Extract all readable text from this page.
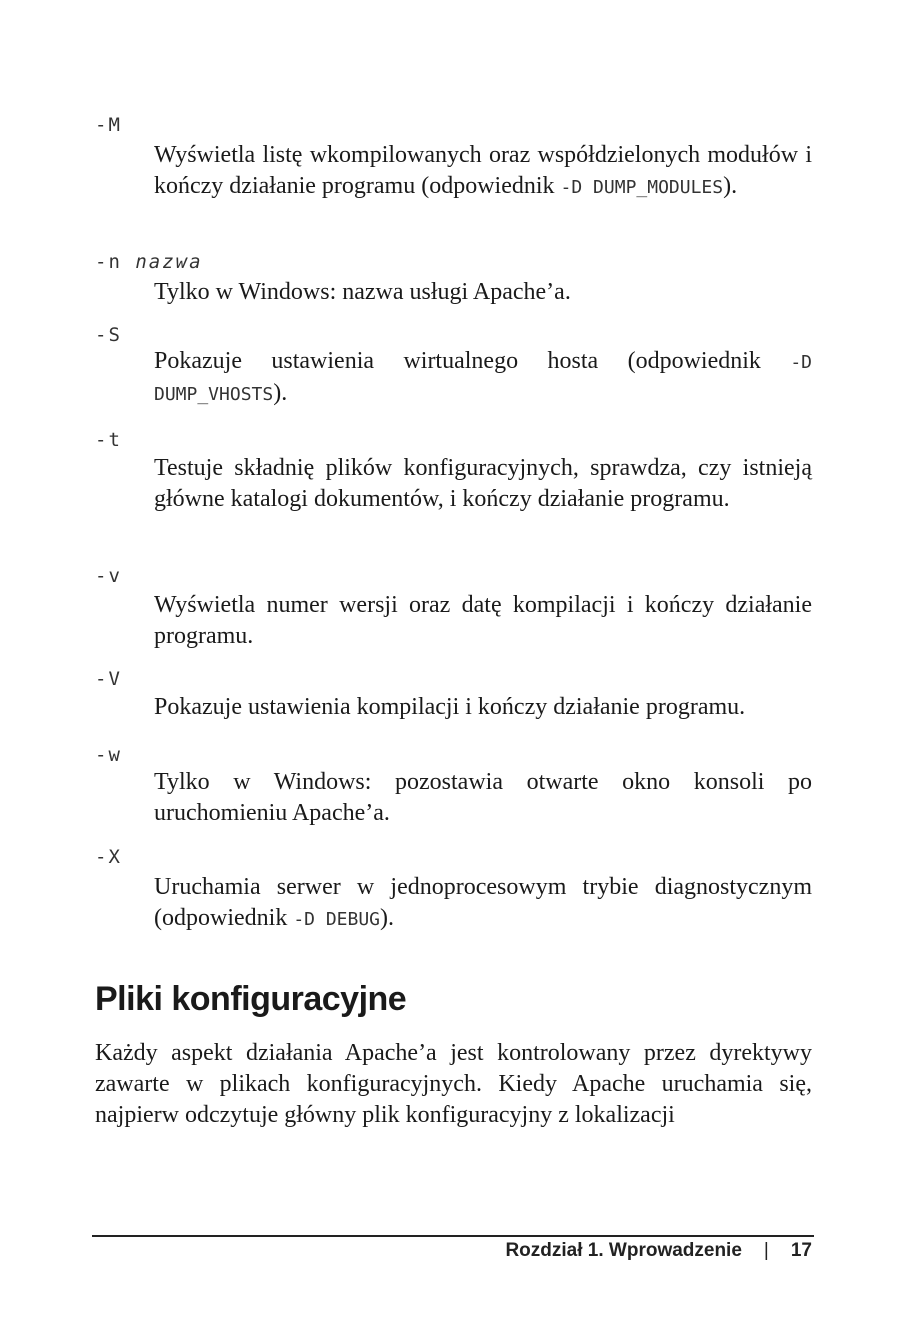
-M
Wyświetla listę wkompilowanych oraz współdzielonych modułów i kończy działanie programu (odpowiednik -D DUMP_MODULES).
-n nazwa
Tylko w Windows: nazwa usługi Apache’a.
-S
Pokazuje ustawienia wirtualnego hosta (odpowiednik -D DUMP_VHOSTS).
-t
Testuje składnię plików konfiguracyjnych, sprawdza, czy istnieją główne katalogi dokumentów, i kończy działanie programu.
-v
Wyświetla numer wersji oraz datę kompilacji i kończy działanie programu.
-V
Pokazuje ustawienia kompilacji i kończy działanie programu.
-w
Tylko w Windows: pozostawia otwarte okno konsoli po uruchomieniu Apache’a.
-X
Uruchamia serwer w jednoprocesowym trybie diagnostycznym (odpowiednik -D DEBUG).
Pliki konfiguracyjne
Każdy aspekt działania Apache’a jest kontrolowany przez dyrektywy zawarte w plikach konfiguracyjnych. Kiedy Apache uruchamia się, najpierw odczytuje główny plik konfiguracyjny z lokalizacji
Rozdział 1. Wprowadzenie | 17
